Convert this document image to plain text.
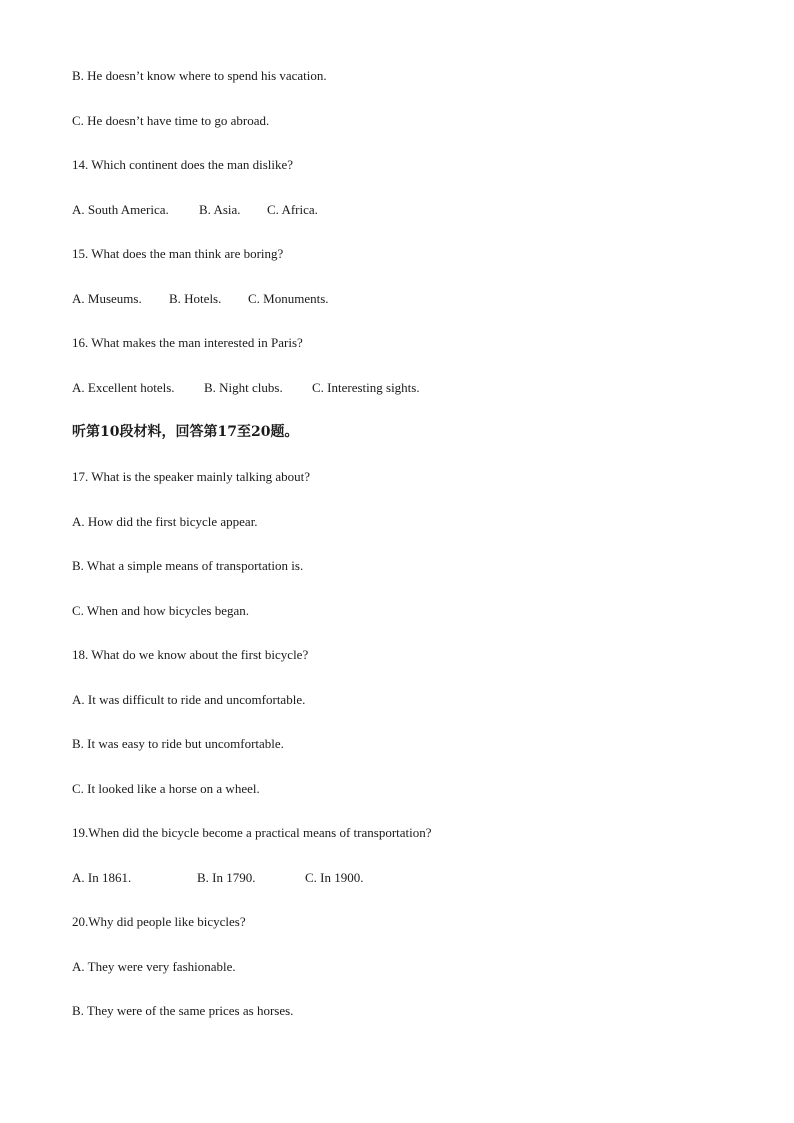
B. He doesn’t know where to spend his vacation.

C. He doesn’t have time to go abroad.

14. Which continent does the man dislike?

A. South America. B. Asia. C. Africa.

15. What does the man think are boring?

A. Museums. B. Hotels. C. Monuments.

16. What makes the man interested in Paris?

A. Excellent hotels. B. Night clubs. C. Interesting sights.

听第10段材料，回答第17至20题。

17. What is the speaker mainly talking about?

A. How did the first bicycle appear.

B. What a simple means of transportation is.

C. When and how bicycles began.

18. What do we know about the first bicycle?

A. It was difficult to ride and uncomfortable.

B. It was easy to ride but uncomfortable.

C. It looked like a horse on a wheel.

19.When did the bicycle become a practical means of transportation?

A. In 1861.	B. In 1790.	C. In 1900.

20.Why did people like bicycles?

A. They were very fashionable.

B. They were of the same prices as horses.
